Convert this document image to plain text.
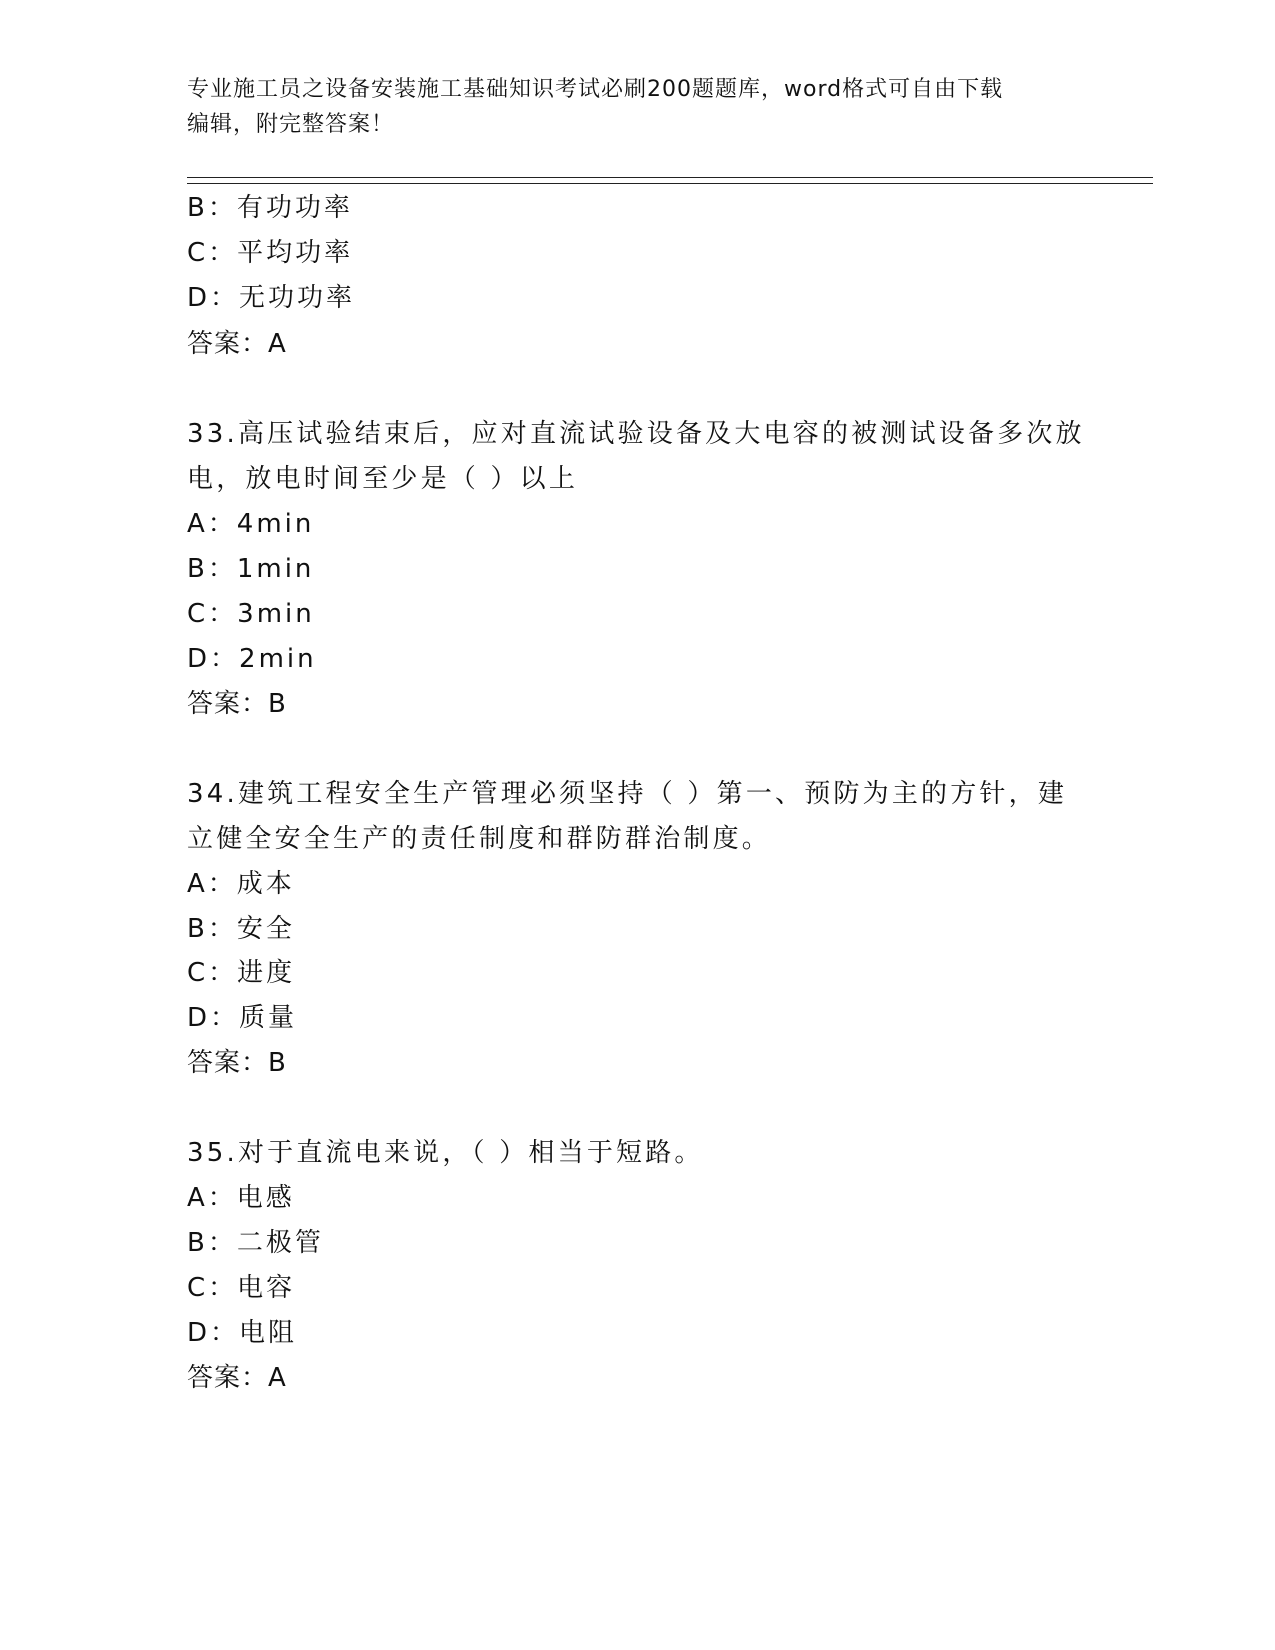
专业施工员之设备安装施工基础知识考试必刷200题题库，word格式可自由下载
编辑，附完整答案！
B：有功功率
C：平均功率
D：无功功率
答案：A
33.高压试验结束后，应对直流试验设备及大电容的被测试设备多次放
电，放电时间至少是（ ）以上
A：4min
B：1min
C：3min
D：2min
答案：B
34.建筑工程安全生产管理必须坚持（ ）第一、预防为主的方针，建
立健全安全生产的责任制度和群防群治制度。
A：成本
B：安全
C：进度
D：质量
答案：B
35.对于直流电来说，（ ）相当于短路。
A：电感
B：二极管
C：电容
D：电阻
答案：A
